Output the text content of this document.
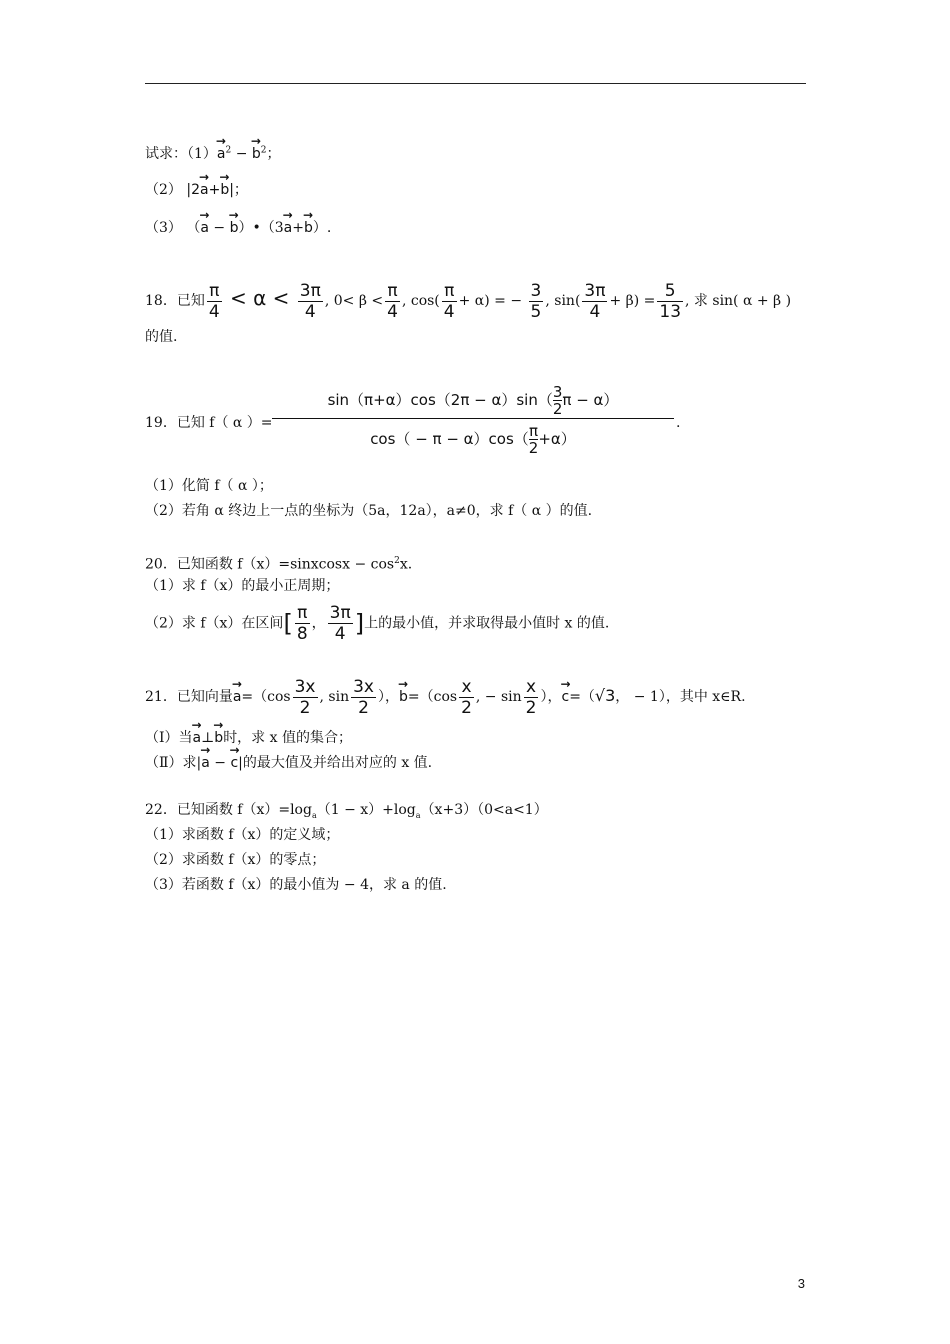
试求：$(1)\to a^2$ − → $b^2$；
（2） |2→ a+→ b|；
（3） （→ a − → b）•（3→ a+→ b）.
18．已知 $\frac{\pi}{4} < \alpha < \frac{3\pi}{4}$ , $0< \beta < \frac{\pi}{4}$ , $\cos( \frac{\pi}{4} + \alpha)$ = − $\frac{3}{5}$ , $\sin( \frac{3\pi}{4} + \beta) = \frac{5}{13}$ , 求 sin( α + β )
的值.
19．已知 f（ α ）= $\frac{\sin(\pi+\alpha)\cos(2\pi - \alpha)\sin( \frac{3}{2} \pi - \alpha)}{\cos( - \pi - \alpha)\cos( \frac{\pi}{2} +\alpha)}$ .
（1）化简 f（ α ）；
（2）若角 α 终边上一点的坐标为（5a，12a），a≠0，求 f（ α ）的值.
20．已知函数 f（x）=sinxcosx − $\cos^2x$.
（1）求 f（x）的最小正周期；
（2）求 f（x）在区间[ $\frac{\pi}{8}$ ， $\frac{3\pi}{4}$ ]上的最小值，并求取得最小值时 x 的值.
21．已知向量→ $a=(\cos \frac{3x}{2}$ , $\sin \frac{3x}{2}$ ），→ $b=(\cos \frac{x}{2}$ , − $\sin \frac{x}{2}$ ），→ c=（√3， − 1），其中 x∈R.
（Ⅰ）当→ a⊥→ b时，求 x 值的集合；
（Ⅱ）求|→ a − → c|的最大值及并给出对应的 x 值.
22．已知函数 $f(x)=\log_a(1 - x)+\log_a(x+3)(0<a<1)$
（1）求函数 f（x）的定义域；
（2）求函数 f（x）的零点；
（3）若函数 f（x）的最小值为 − 4，求 a 的值.
3
